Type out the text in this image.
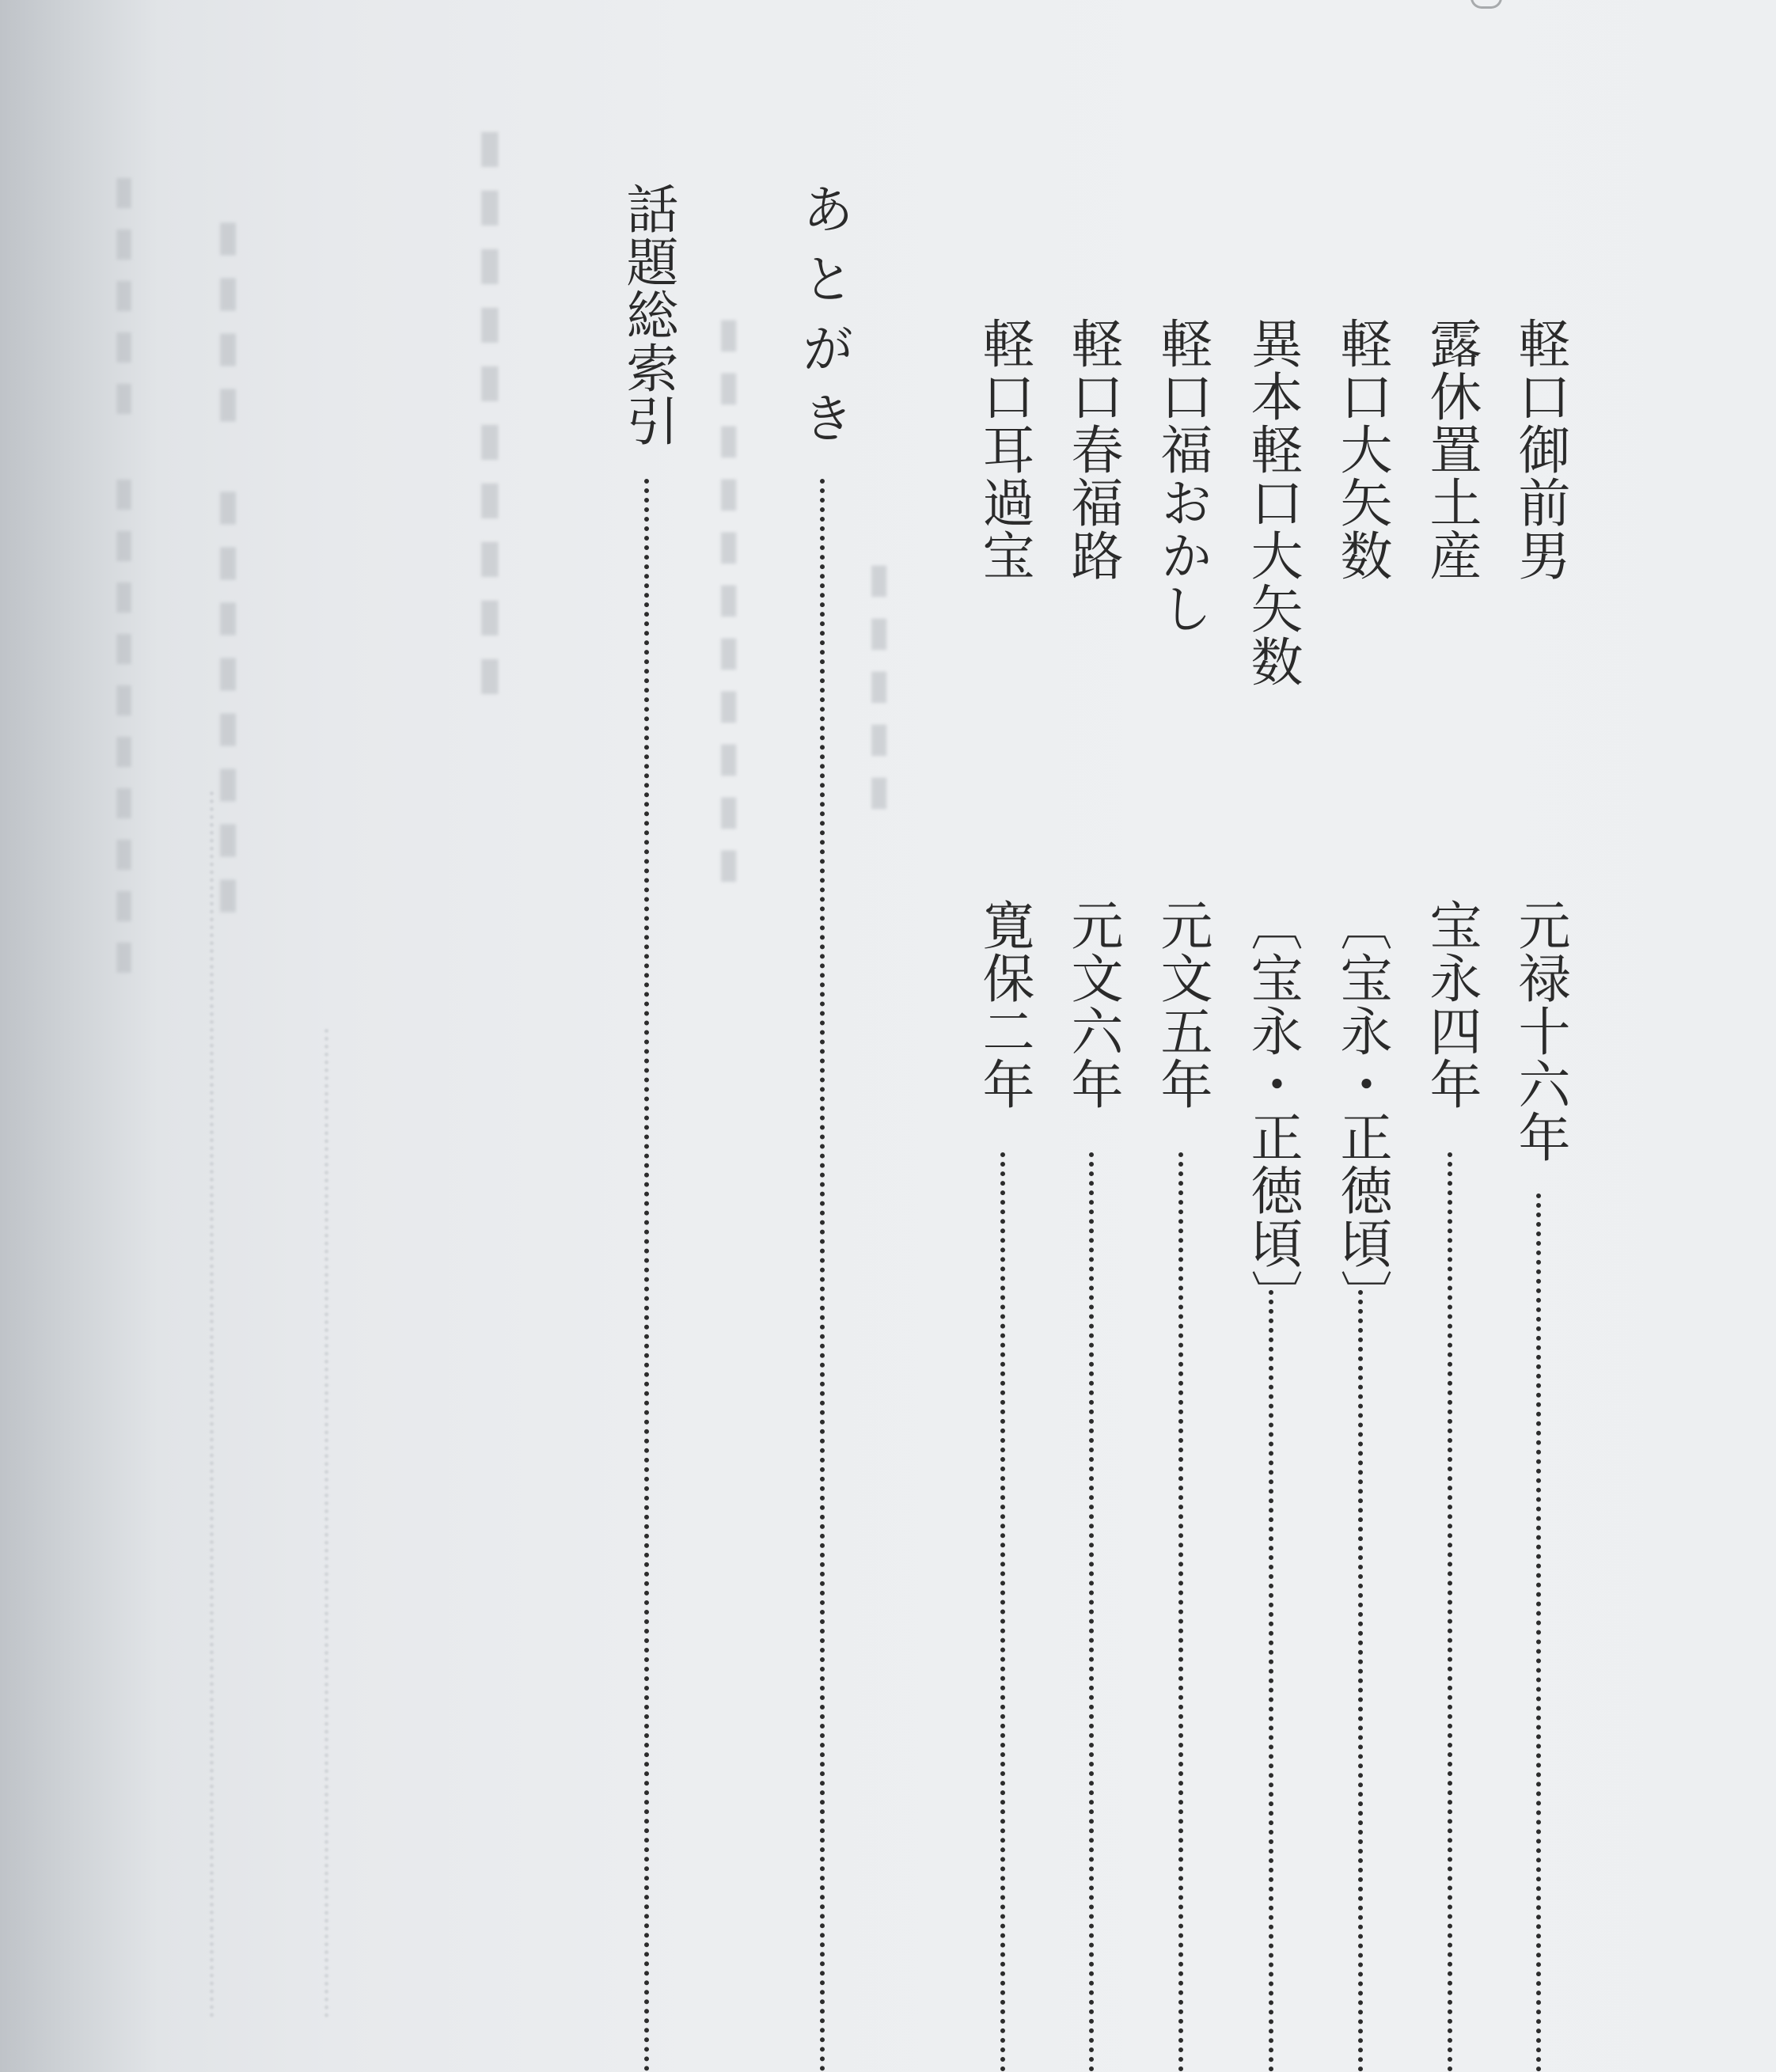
▮▮▮▮▮▮▮▮▮▮
▮▮▮▮　▮▮▮▮▮▮▮▮
▮▮▮▮▮　▮▮▮▮▮▮▮▮▮▮	▮▮▮▮▮▮▮▮▮▮▮ ▮▮▮▮▮
軽口御前男
元禄十六年
露休置土産
宝永四年
軽口大矢数
〔宝永・正徳頃〕
異本軽口大矢数
〔宝永・正徳頃〕
軽口福おかし
元文五年
軽口春福路
元文六年
軽口耳過宝
寛保二年
あとがき
話題総索引
